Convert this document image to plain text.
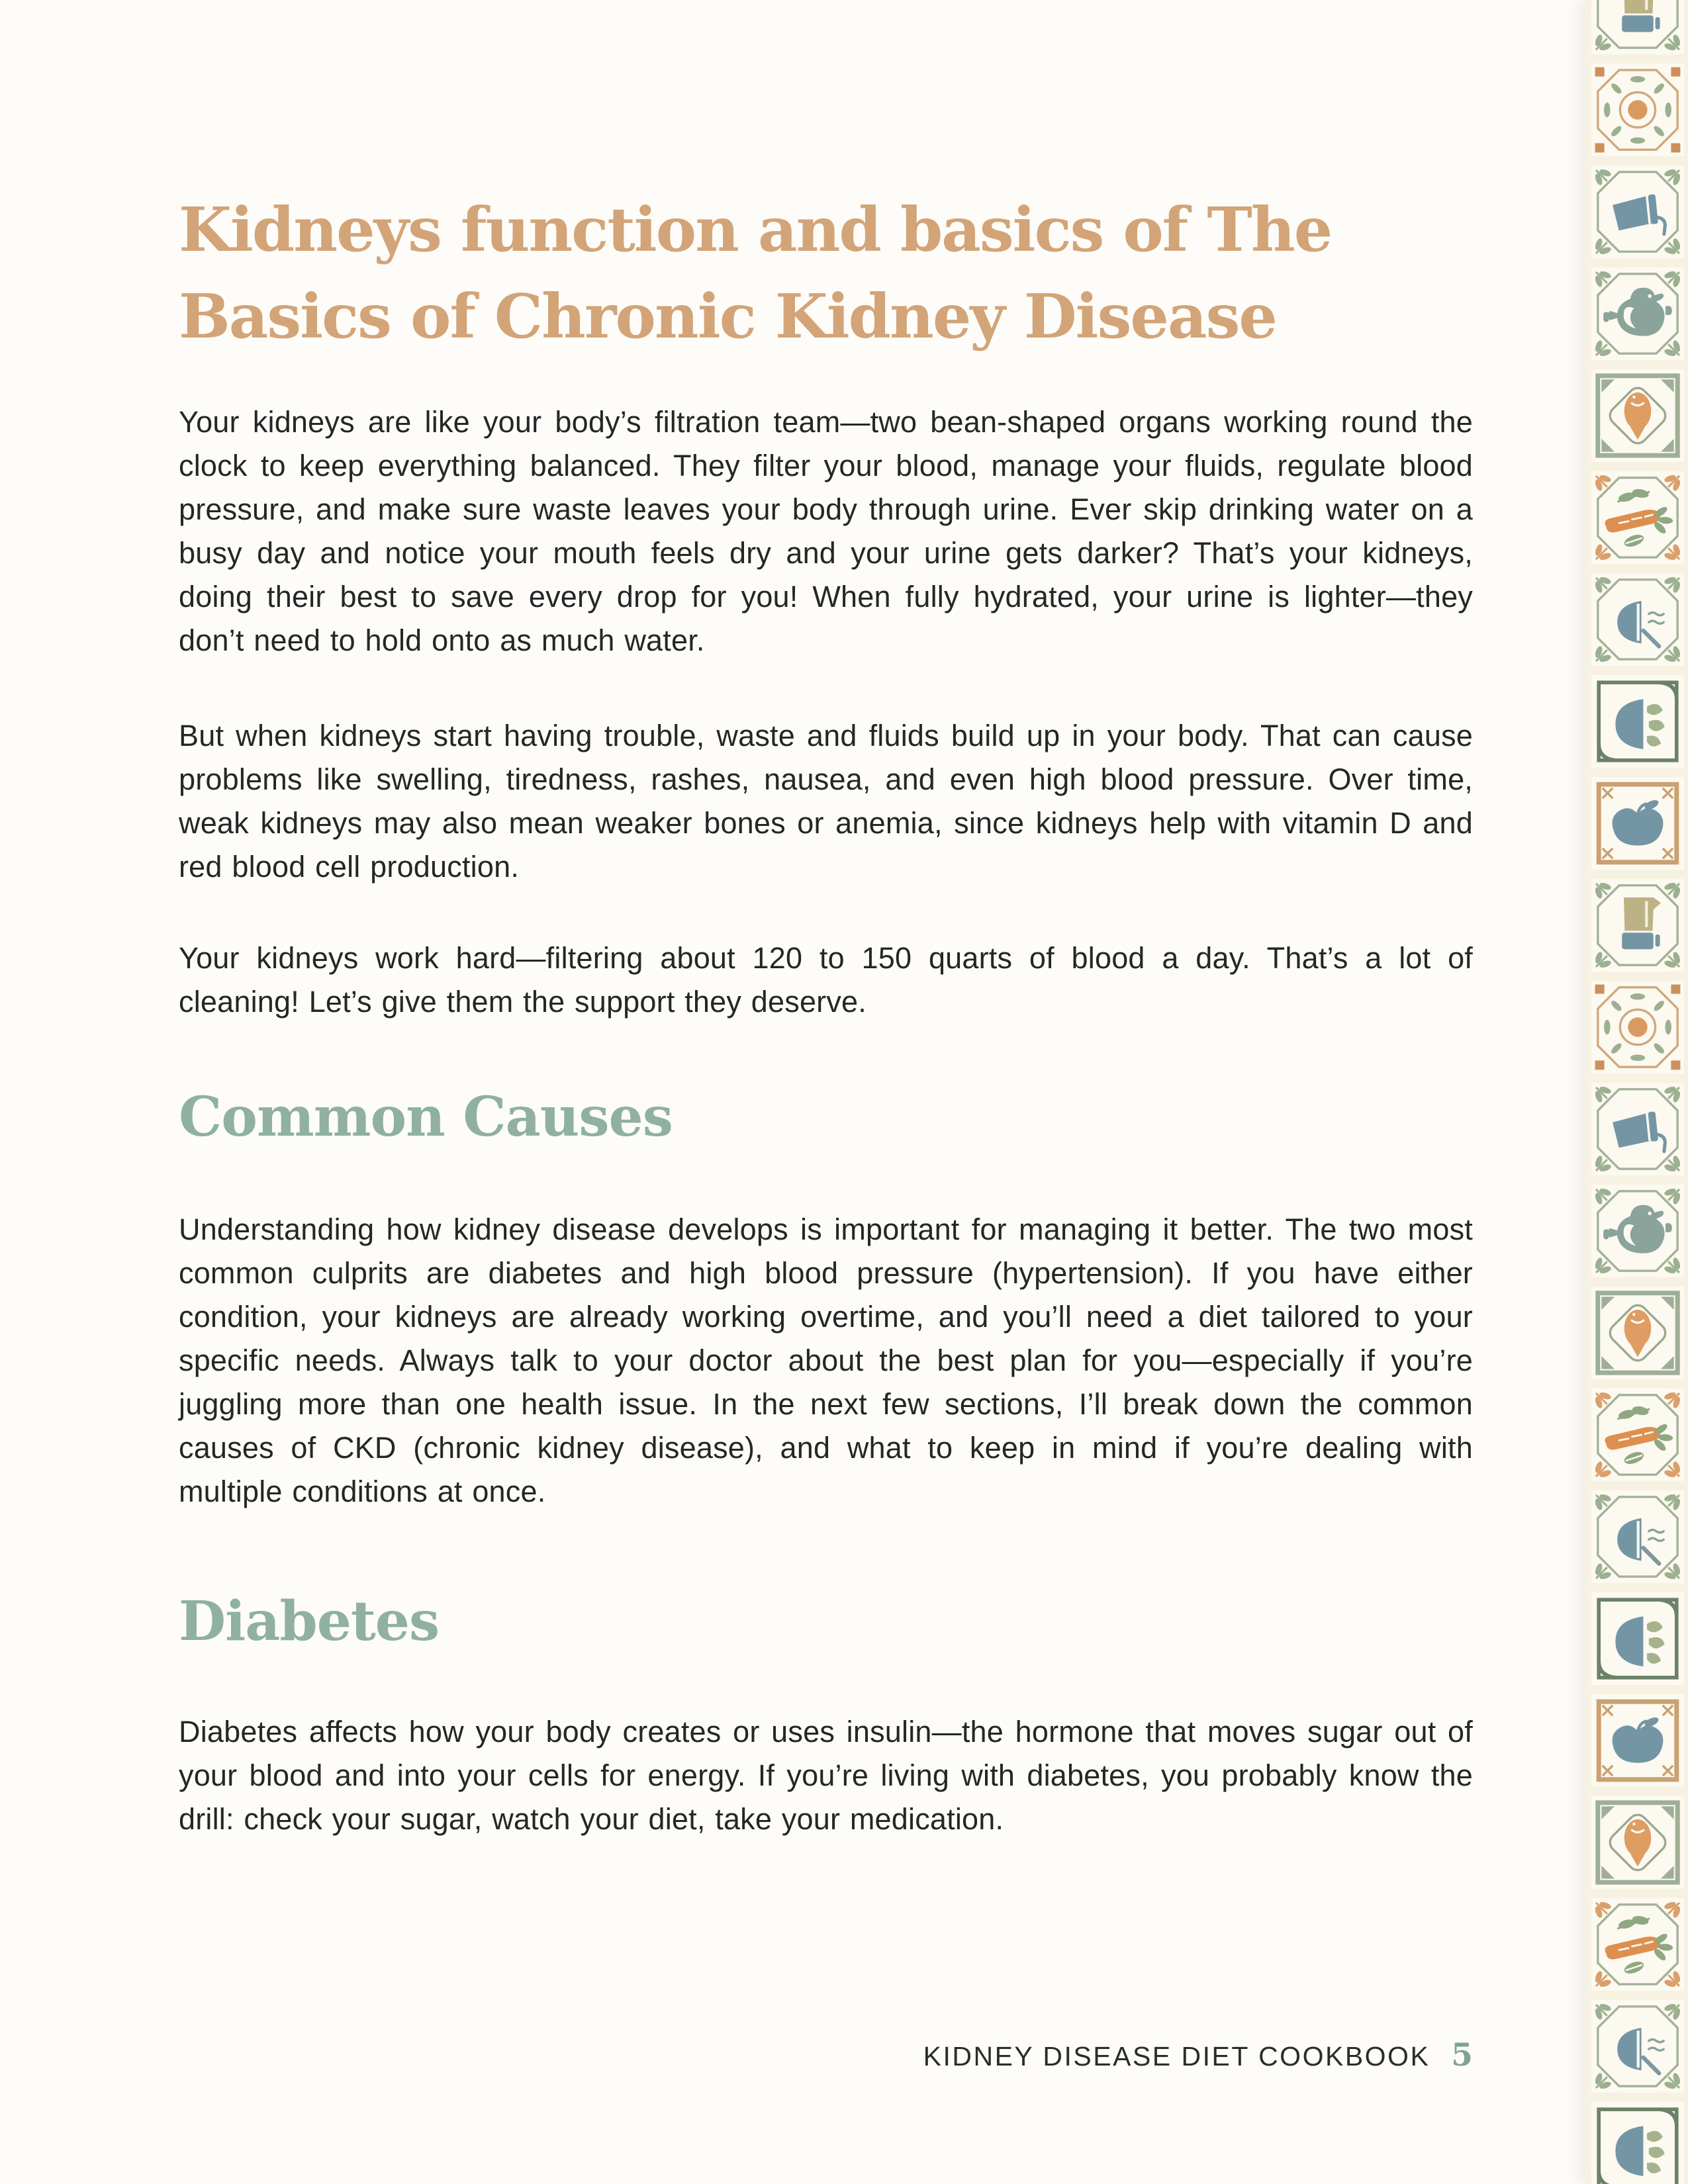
Kidneys function and basics of The
Basics of Chronic Kidney Disease

Your kidneys are like your body’s filtration team—two bean-shaped organs working round the clock to keep everything balanced. They filter your blood, manage your fluids, regulate blood pressure, and make sure waste leaves your body through urine. Ever skip drinking water on a busy day and notice your mouth feels dry and your urine gets darker? That’s your kidneys, doing their best to save every drop for you! When fully hydrated, your urine is lighter—they don’t need to hold onto as much water.

But when kidneys start having trouble, waste and fluids build up in your body. That can cause problems like swelling, tiredness, rashes, nausea, and even high blood pressure. Over time, weak kidneys may also mean weaker bones or anemia, since kidneys help with vitamin D and red blood cell production.

Your kidneys work hard—filtering about 120 to 150 quarts of blood a day. That’s a lot of cleaning! Let’s give them the support they deserve.

Common Causes

Understanding how kidney disease develops is important for managing it better. The two most common culprits are diabetes and high blood pressure (hypertension). If you have either condition, your kidneys are already working overtime, and you’ll need a diet tailored to your specific needs. Always talk to your doctor about the best plan for you—especially if you’re juggling more than one health issue. In the next few sections, I’ll break down the common causes of CKD (chronic kidney disease), and what to keep in mind if you’re dealing with multiple conditions at once.

Diabetes

Diabetes affects how your body creates or uses insulin—the hormone that moves sugar out of your blood and into your cells for energy. If you’re living with diabetes, you probably know the drill: check your sugar, watch your diet, take your medication.

KIDNEY DISEASE DIET COOKBOOK 5
